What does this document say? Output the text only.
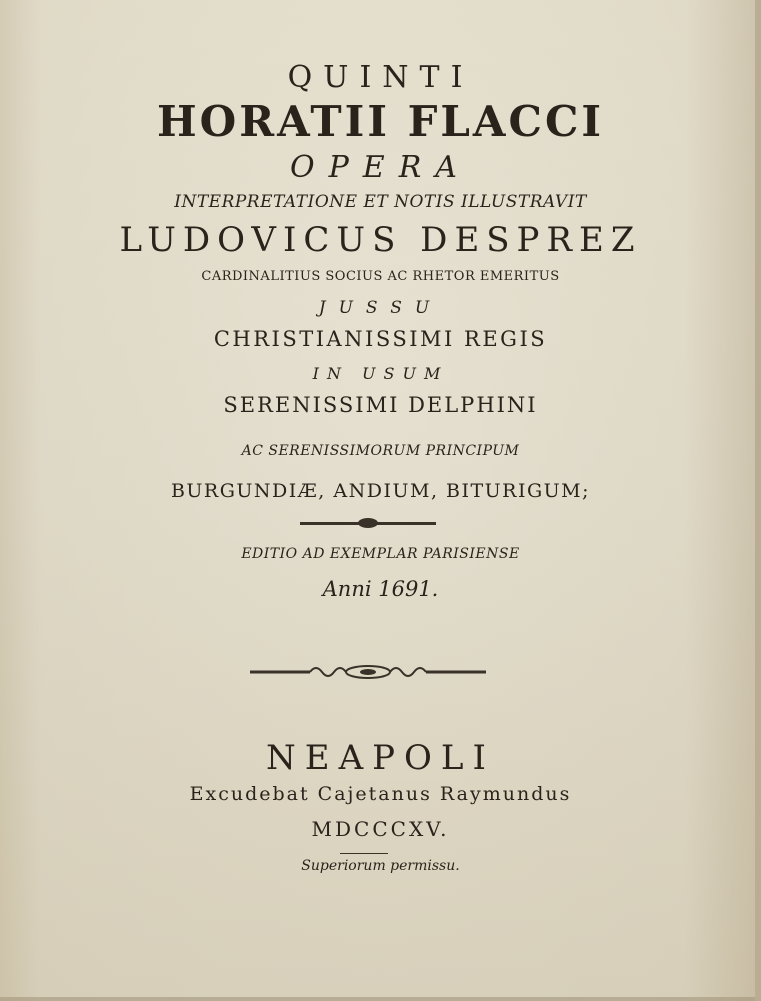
QUINTI
HORATII FLACCI
OPERA
INTERPRETATIONE ET NOTIS ILLUSTRAVIT
LUDOVICUS DESPREZ
CARDINALITIUS SOCIUS AC RHETOR EMERITUS
JUSSU
CHRISTIANISSIMI REGIS
IN USUM
SERENISSIMI DELPHINI
AC SERENISSIMORUM PRINCIPUM
BURGUNDIÆ, ANDIUM, BITURIGUM;
EDITIO AD EXEMPLAR PARISIENSE
Anni 1691.
NEAPOLI
Excudebat Cajetanus Raymundus
MDCCCXV.
Superiorum permissu.
